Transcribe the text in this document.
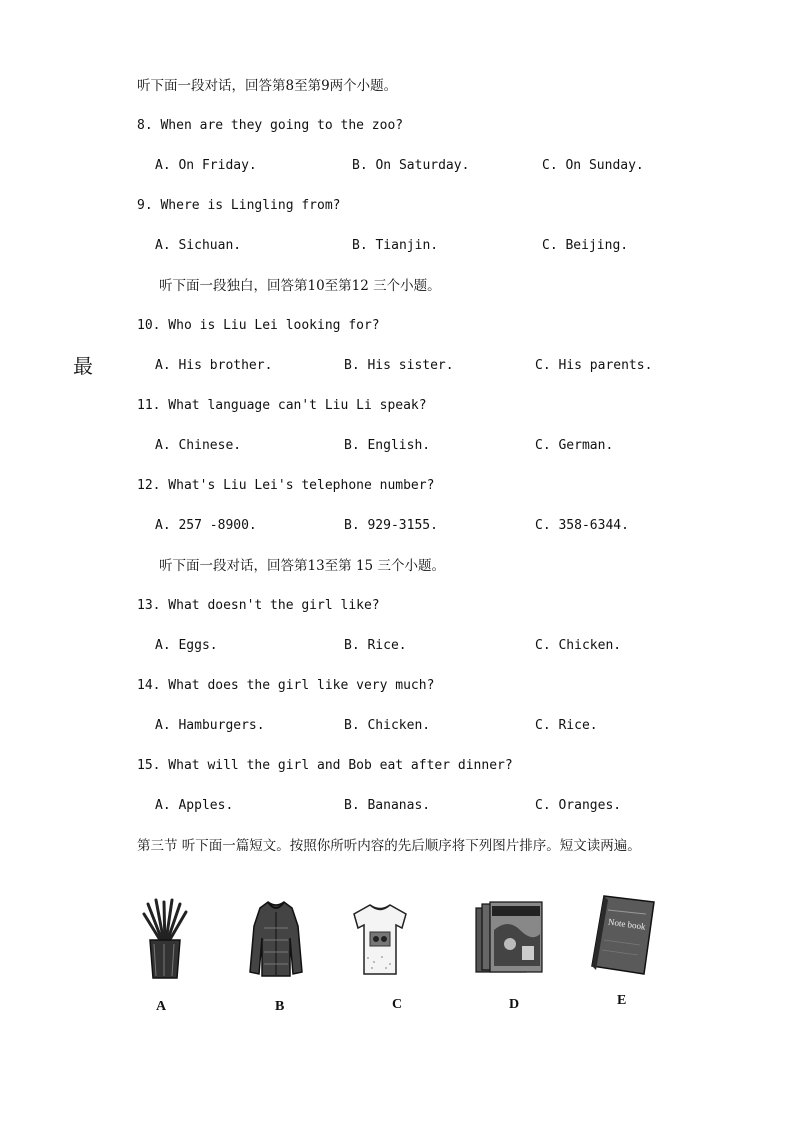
最
听下面一段对话，回答第8至第9两个小题。
8. When are they going to the zoo?
A. On Friday.	B. On Saturday.	C. On Sunday.
9. Where is Lingling from?
A. Sichuan.	B. Tianjin.	C. Beijing.
听下面一段独白，回答第10至第12 三个小题。
10. Who is Liu Lei looking for?
A. His brother.	B. His sister.	C. His parents.
11. What language can't Liu Li speak?
A. Chinese.	B. English.	C. German.
12. What's Liu Lei's telephone number?
A. 257 -8900.	B. 929-3155.	C. 358-6344.
听下面一段对话，回答第13至第 15 三个小题。
13. What doesn't the girl like?
A. Eggs.	B. Rice.	C. Chicken.
14. What does the girl like very much?
A. Hamburgers.	B. Chicken.	C. Rice.
15. What will the girl and Bob eat after dinner?
A. Apples.	B. Bananas.	C. Oranges.
第三节 听下面一篇短文。按照你所听内容的先后顺序将下列图片排序。短文读两遍。
A	B	C	D
Note book
E
